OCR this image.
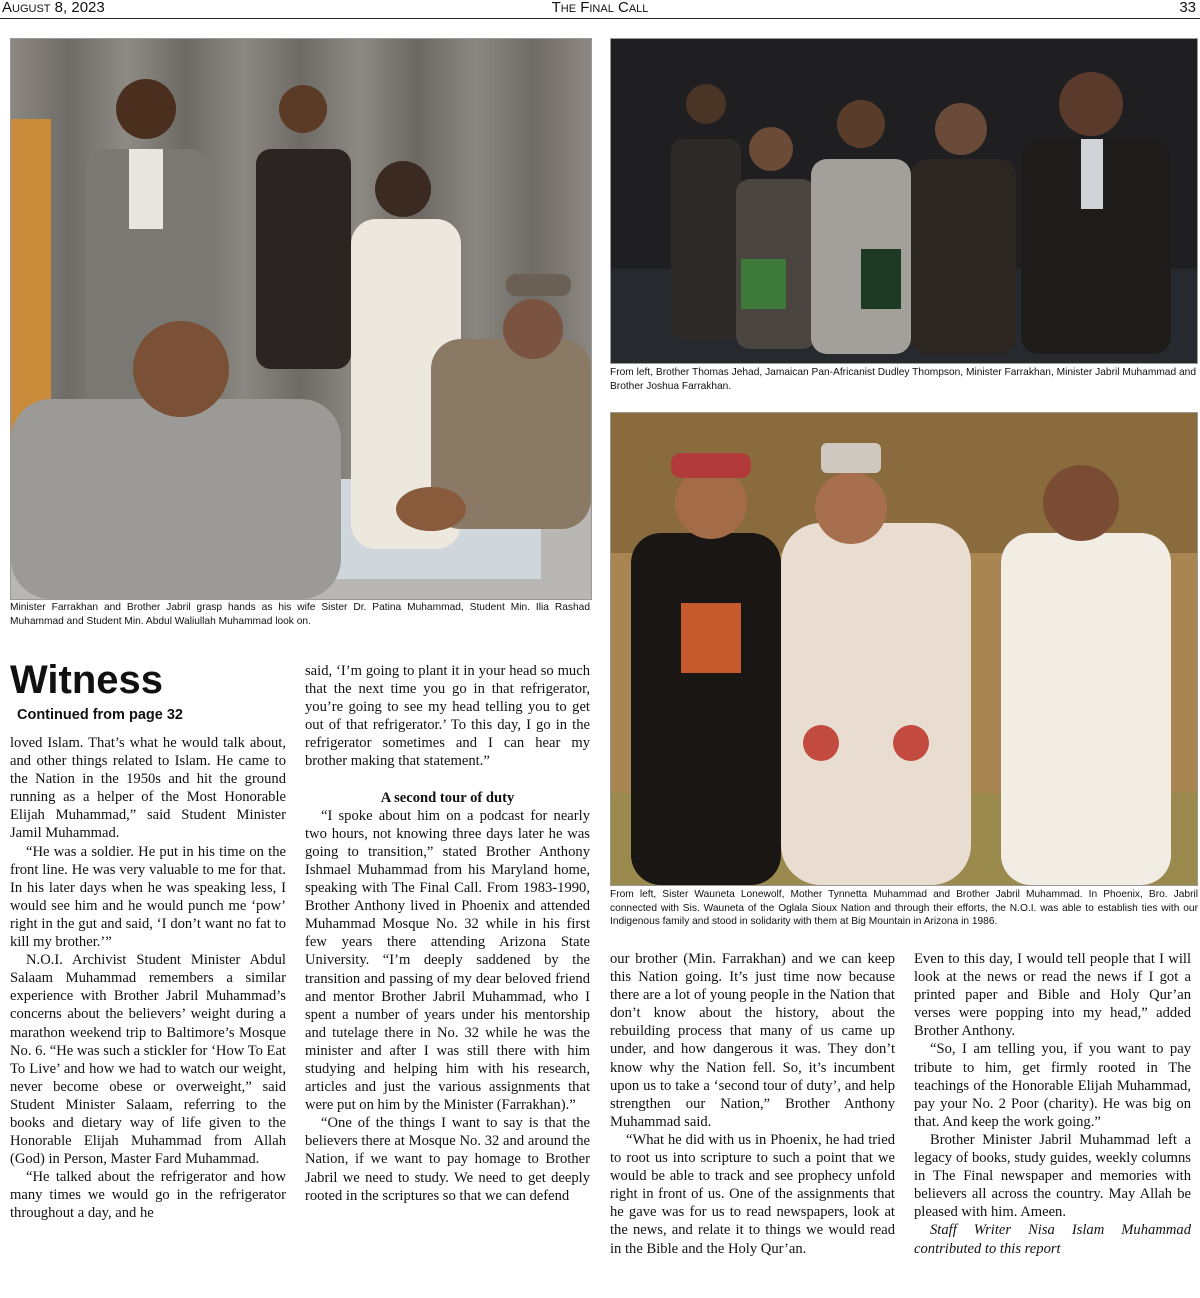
August 8, 2023	The Final Call	33
Minister Farrakhan and Brother Jabril grasp hands as his wife Sister Dr. Patina Muhammad, Student Min. Ilia Rashad Muhammad and Student Min. Abdul Waliullah Muhammad look on.
From left, Brother Thomas Jehad, Jamaican Pan-Africanist Dudley Thompson, Minister Farrakhan, Minister Jabril Muhammad and Brother Joshua Farrakhan.
From left, Sister Wauneta Lonewolf, Mother Tynnetta Muhammad and Brother Jabril Muhammad. In Phoenix, Bro. Jabril connected with Sis. Wauneta of the Oglala Sioux Nation and through their efforts, the N.O.I. was able to establish ties with our Indigenous family and stood in solidarity with them at Big Mountain in Arizona in 1986.
Witness
Continued from page 32

loved Islam. That’s what he would talk about, and other things related to Islam. He came to the Nation in the 1950s and hit the ground running as a helper of the Most Honorable Elijah Muhammad,” said Student Minister Jamil Muhammad.

“He was a soldier. He put in his time on the front line. He was very valuable to me for that. In his later days when he was speaking less, I would see him and he would punch me ‘pow’ right in the gut and said, ‘I don’t want no fat to kill my brother.’”

N.O.I. Archivist Student Minister Abdul Salaam Muhammad remembers a similar experience with Brother Jabril Muhammad’s concerns about the believers’ weight during a marathon weekend trip to Baltimore’s Mosque No. 6. “He was such a stickler for ‘How To Eat To Live’ and how we had to watch our weight, never become obese or overweight,” said Student Minister Salaam, referring to the books and dietary way of life given to the Honorable Elijah Muhammad from Allah (God) in Person, Master Fard Muhammad.

“He talked about the refrigerator and how many times we would go in the refrigerator throughout a day, and he

said, ‘I’m going to plant it in your head so much that the next time you go in that refrigerator, you’re going to see my head telling you to get out of that refrigerator.’ To this day, I go in the refrigerator sometimes and I can hear my brother making that statement.”

A second tour of duty

“I spoke about him on a podcast for nearly two hours, not knowing three days later he was going to transition,” stated Brother Anthony Ishmael Muhammad from his Maryland home, speaking with The Final Call. From 1983-1990, Brother Anthony lived in Phoenix and attended Muhammad Mosque No. 32 while in his first few years there attending Arizona State University. “I’m deeply saddened by the transition and passing of my dear beloved friend and mentor Brother Jabril Muhammad, who I spent a number of years under his mentorship and tutelage there in No. 32 while he was the minister and after I was still there with him studying and helping him with his research, articles and just the various assignments that were put on him by the Minister (Farrakhan).”

“One of the things I want to say is that the believers there at Mosque No. 32 and around the Nation, if we want to pay homage to Brother Jabril we need to study. We need to get deeply rooted in the scriptures so that we can defend

our brother (Min. Farrakhan) and we can keep this Nation going. It’s just time now because there are a lot of young people in the Nation that don’t know about the history, about the rebuilding process that many of us came up under, and how dangerous it was. They don’t know why the Nation fell. So, it’s incumbent upon us to take a ‘second tour of duty’, and help strengthen our Nation,” Brother Anthony Muhammad said.

“What he did with us in Phoenix, he had tried to root us into scripture to such a point that we would be able to track and see prophecy unfold right in front of us. One of the assignments that he gave was for us to read newspapers, look at the news, and relate it to things we would read in the Bible and the Holy Qur’an.

Even to this day, I would tell people that I will look at the news or read the news if I got a printed paper and Bible and Holy Qur’an verses were popping into my head,” added Brother Anthony.

“So, I am telling you, if you want to pay tribute to him, get firmly rooted in The teachings of the Honorable Elijah Muhammad, pay your No. 2 Poor (charity). He was big on that. And keep the work going.”

Brother Minister Jabril Muhammad left a legacy of books, study guides, weekly columns in The Final newspaper and memories with believers all across the country. May Allah be pleased with him. Ameen.

Staff Writer Nisa Islam Muhammad contributed to this report
